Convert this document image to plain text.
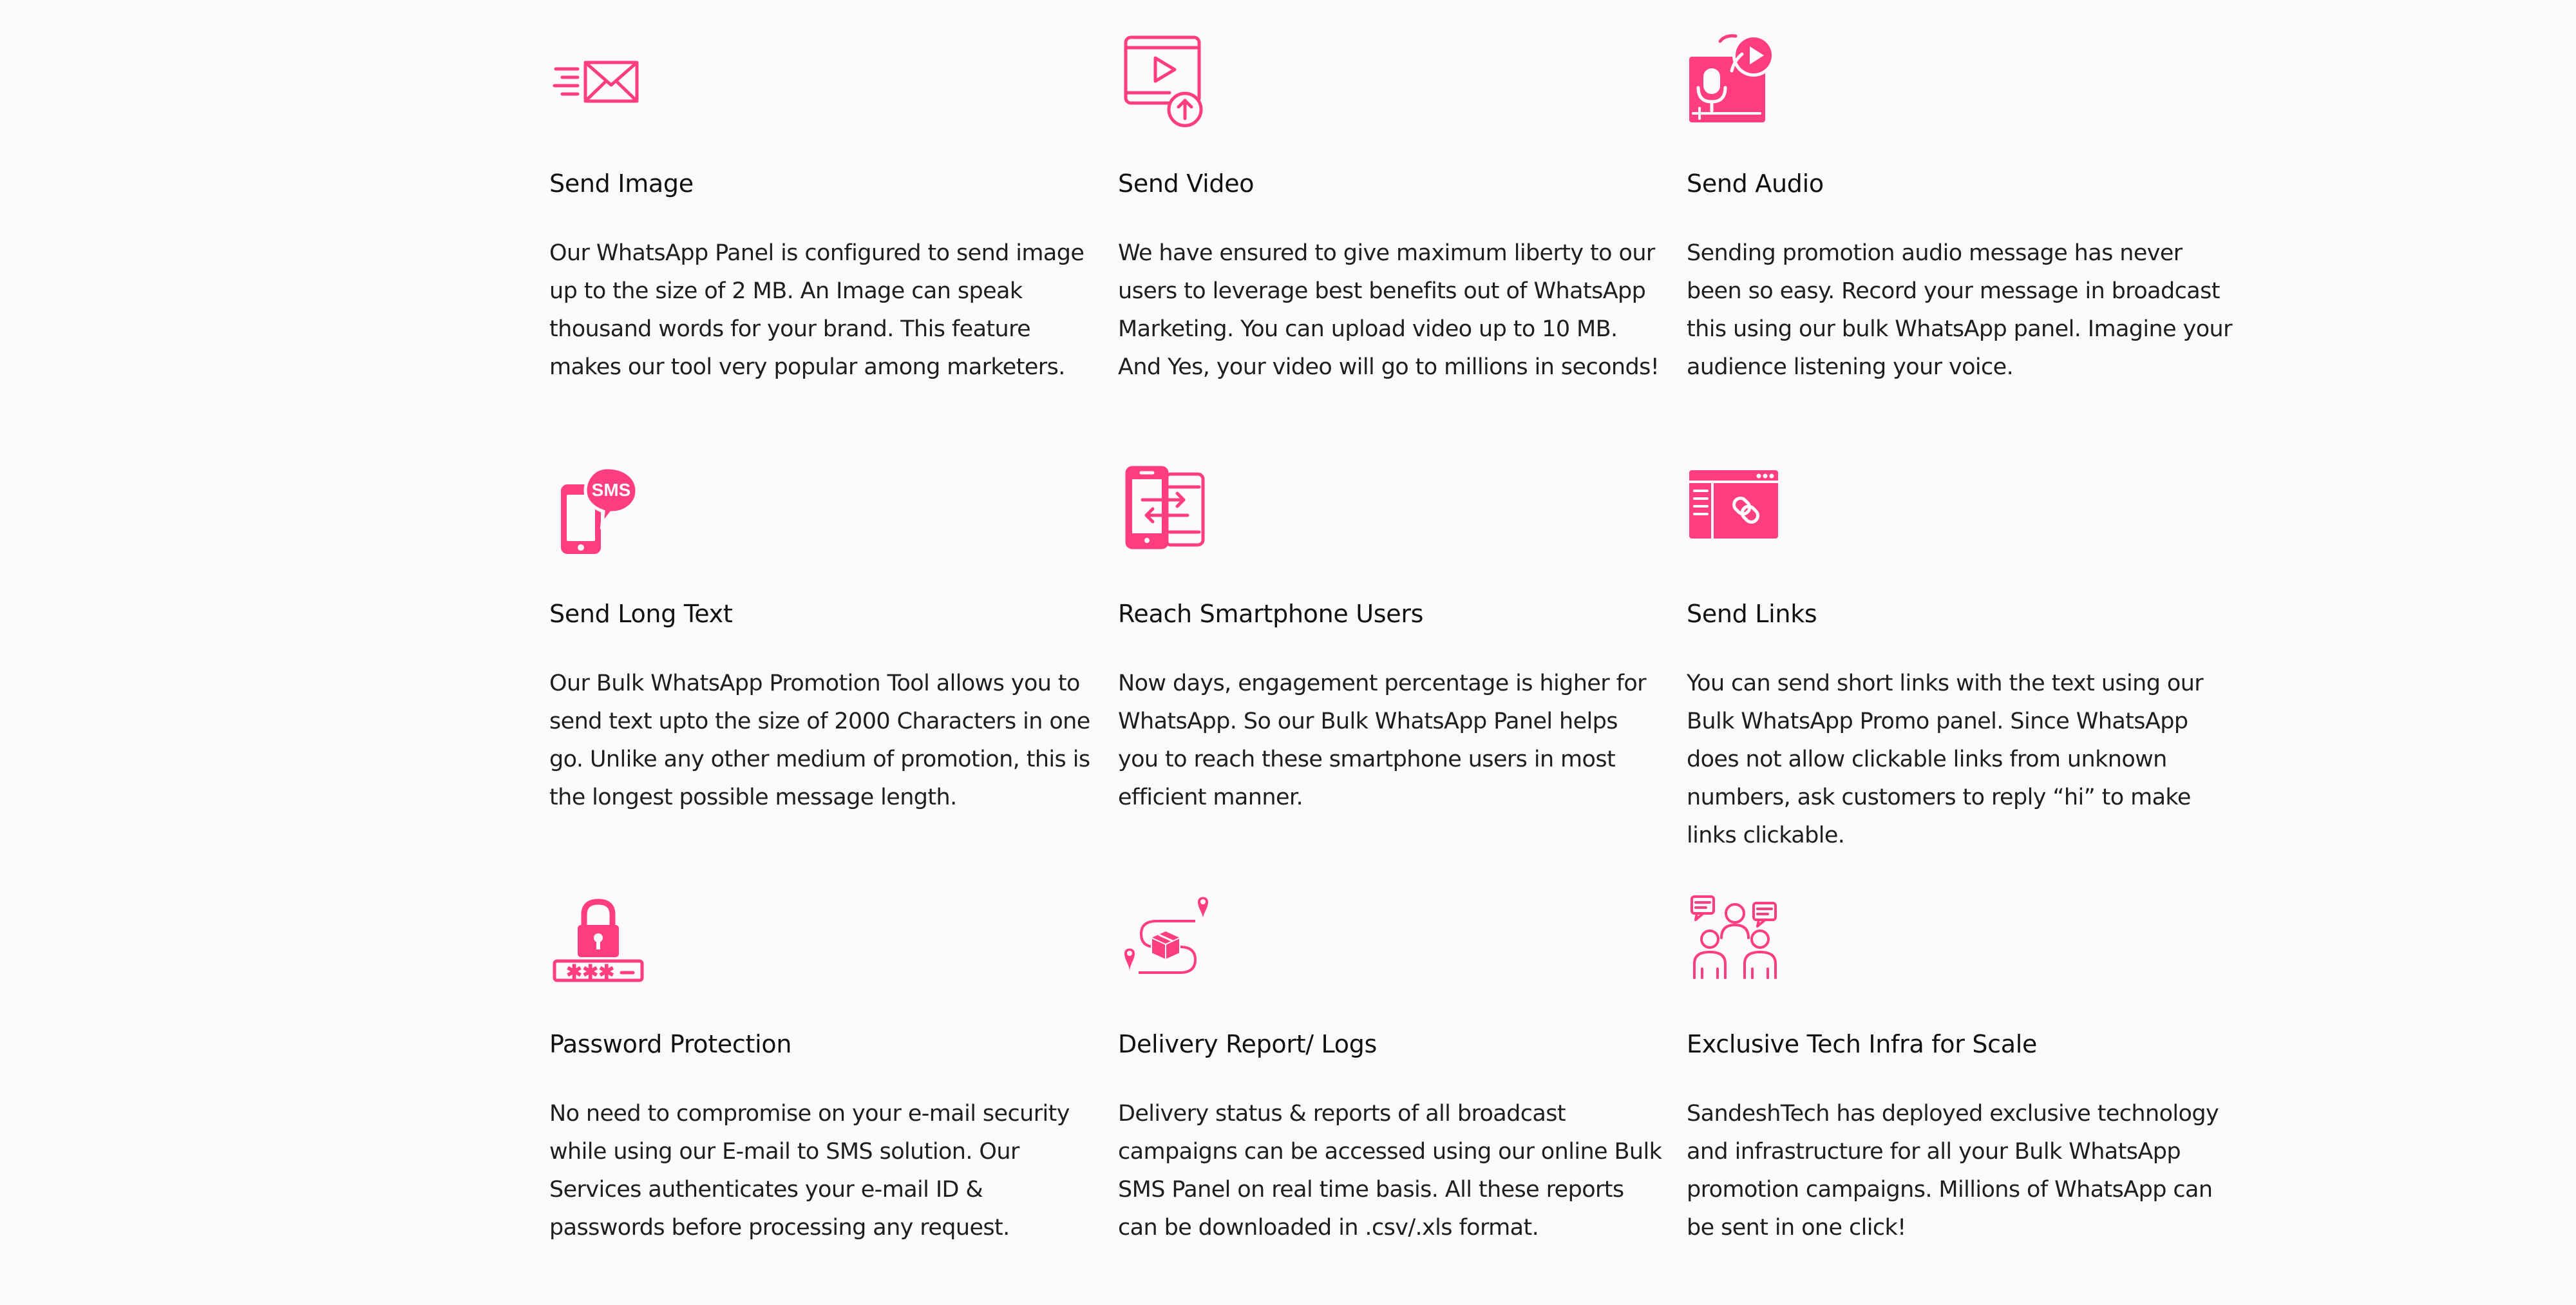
Send Image

Our WhatsApp Panel is configured to send image up to the size of 2 MB. An Image can speak thousand words for your brand. This feature makes our tool very popular among marketers.

Send Video

We have ensured to give maximum liberty to our users to leverage best benefits out of WhatsApp Marketing. You can upload video up to 10 MB. And Yes, your video will go to millions in seconds!

Send Audio

Sending promotion audio message has never been so easy. Record your message in broadcast this using our bulk WhatsApp panel. Imagine your audience listening your voice.

SMS
Send Long Text

Our Bulk WhatsApp Promotion Tool allows you to send text upto the size of 2000 Characters in one go. Unlike any other medium of promotion, this is the longest possible message length.

Reach Smartphone Users

Now days, engagement percentage is higher for WhatsApp. So our Bulk WhatsApp Panel helps you to reach these smartphone users in most efficient manner.

Send Links

You can send short links with the text using our Bulk WhatsApp Promo panel. Since WhatsApp does not allow clickable links from unknown numbers, ask customers to reply “hi” to make links clickable.

✱✱✱
Password Protection

No need to compromise on your e-mail security while using our E-mail to SMS solution. Our Services authenticates your e-mail ID & passwords before processing any request.

Delivery Report/ Logs

Delivery status & reports of all broadcast campaigns can be accessed using our online Bulk SMS Panel on real time basis. All these reports can be downloaded in .csv/.xls format.

Exclusive Tech Infra for Scale

SandeshTech has deployed exclusive technology and infrastructure for all your Bulk WhatsApp promotion campaigns. Millions of WhatsApp can be sent in one click!
